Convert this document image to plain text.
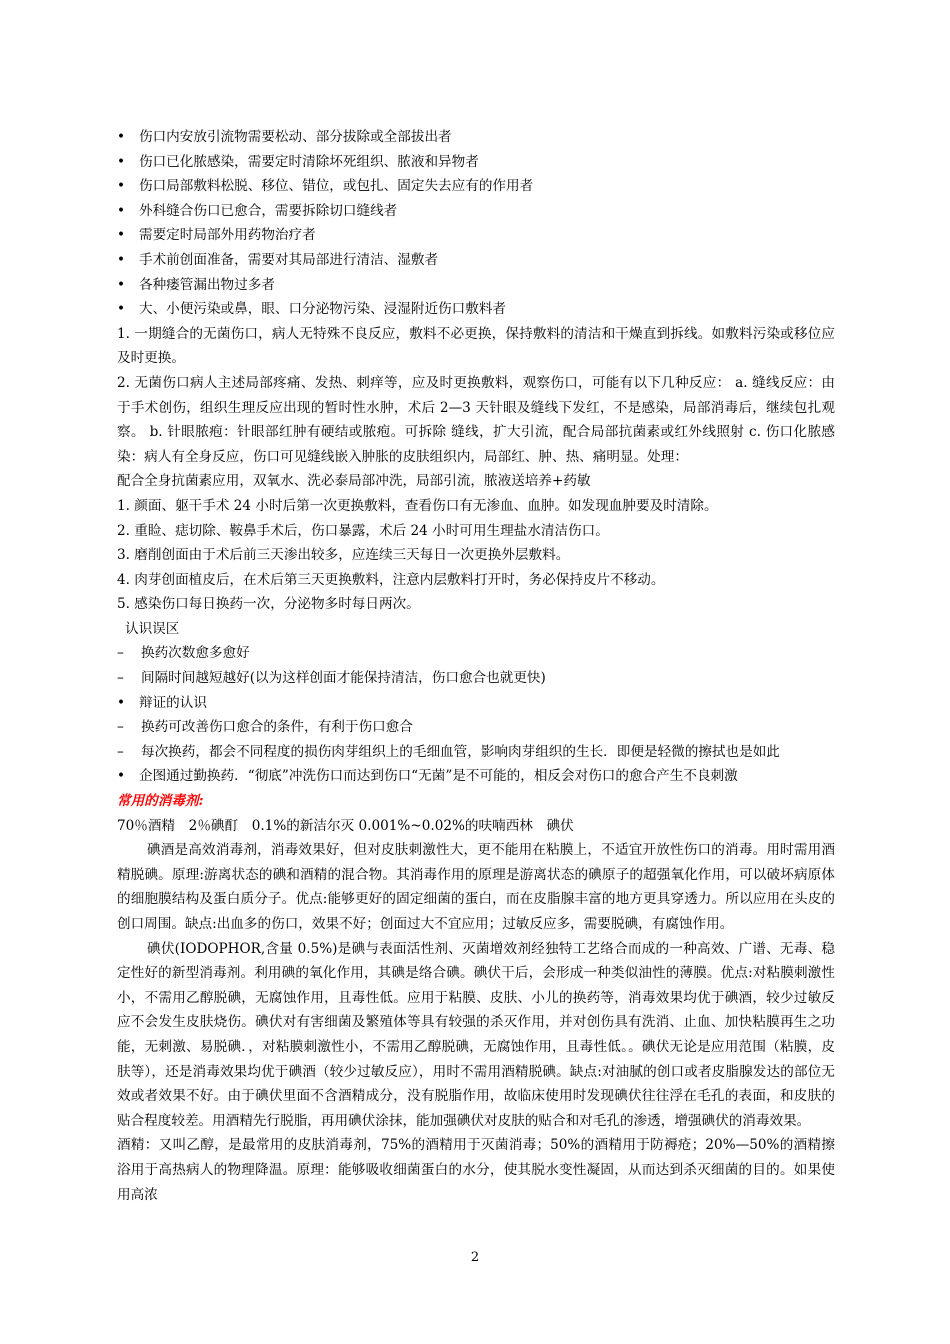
• 伤口内安放引流物需要松动、部分拔除或全部拔出者
• 伤口已化脓感染，需要定时清除坏死组织、脓液和异物者
• 伤口局部敷料松脱、移位、错位，或包扎、固定失去应有的作用者
• 外科缝合伤口已愈合，需要拆除切口缝线者
• 需要定时局部外用药物治疗者
• 手术前创面准备，需要对其局部进行清洁、湿敷者
• 各种瘘管漏出物过多者
• 大、小便污染或鼻，眼、口分泌物污染、浸湿附近伤口敷料者
1. 一期缝合的无菌伤口，病人无特殊不良反应，敷料不必更换，保持敷料的清洁和干燥直到拆线。如敷料污染或移位应及时更换。
2. 无菌伤口病人主述局部疼痛、发热、刺痒等，应及时更换敷料，观察伤口，可能有以下几种反应： a. 缝线反应：由于手术创伤，组织生理反应出现的暂时性水肿，术后 2—3 天针眼及缝线下发红，不是感染，局部消毒后，继续包扎观察。 b. 针眼脓疱：针眼部红肿有硬结或脓疱。可拆除 缝线，扩大引流，配合局部抗菌素或红外线照射 c. 伤口化脓感染：病人有全身反应，伤口可见缝线嵌入肿胀的皮肤组织内，局部红、肿、热、痛明显。处理：
配合全身抗菌素应用，双氧水、洗必泰局部冲洗，局部引流，脓液送培养+药敏
1. 颜面、躯干手术 24 小时后第一次更换敷料，查看伤口有无渗血、血肿。如发现血肿要及时清除。
2. 重睑、痣切除、鞍鼻手术后，伤口暴露，术后 24 小时可用生理盐水清洁伤口。
3. 磨削创面由于术后前三天渗出较多，应连续三天每日一次更换外层敷料。
4. 肉芽创面植皮后，在术后第三天更换敷料，注意内层敷料打开时，务必保持皮片不移动。
5. 感染伤口每日换药一次，分泌物多时每日两次。
认识误区
– 换药次数愈多愈好
– 间隔时间越短越好(以为这样创面才能保持清洁，伤口愈合也就更快)
• 辩证的认识
– 换药可改善伤口愈合的条件，有利于伤口愈合
– 每次换药，都会不同程度的损伤肉芽组织上的毛细血管，影响肉芽组织的生长．即便是轻微的擦拭也是如此
• 企图通过勤换药．“彻底”冲洗伤口而达到伤口“无菌”是不可能的，相反会对伤口的愈合产生不良刺激
常用的消毒剂:
70％酒精　2％碘酊　0.1%的新洁尔灭 0.001%~0.02%的呋喃西林　碘伏
碘酒是高效消毒剂，消毒效果好，但对皮肤刺激性大，更不能用在粘膜上，不适宜开放性伤口的消毒。用时需用酒精脱碘。原理:游离状态的碘和酒精的混合物。其消毒作用的原理是游离状态的碘原子的超强氧化作用，可以破坏病原体的细胞膜结构及蛋白质分子。优点:能够更好的固定细菌的蛋白，而在皮脂腺丰富的地方更具穿透力。所以应用在头皮的创口周围。缺点:出血多的伤口，效果不好；创面过大不宜应用；过敏反应多，需要脱碘，有腐蚀作用。
碘伏(IODOPHOR,含量 0.5%)是碘与表面活性剂、灭菌增效剂经独特工艺络合而成的一种高效、广谱、无毒、稳定性好的新型消毒剂。利用碘的氧化作用，其碘是络合碘。碘伏干后，会形成一种类似油性的薄膜。优点:对粘膜刺激性小，不需用乙醇脱碘，无腐蚀作用，且毒性低。应用于粘膜、皮肤、小儿的换药等，消毒效果均优于碘酒，较少过敏反应不会发生皮肤烧伤。碘伏对有害细菌及繁殖体等具有较强的杀灭作用，并对创伤具有洗消、止血、加快粘膜再生之功能，无刺激、易脱碘．，对粘膜刺激性小，不需用乙醇脱碘，无腐蚀作用，且毒性低。。碘伏无论是应用范围（粘膜，皮肤等），还是消毒效果均优于碘酒（较少过敏反应），用时不需用酒精脱碘。缺点:对油腻的创口或者皮脂腺发达的部位无效或者效果不好。由于碘伏里面不含酒精成分，没有脱脂作用，故临床使用时发现碘伏往往浮在毛孔的表面，和皮肤的贴合程度较差。用酒精先行脱脂，再用碘伏涂抹，能加强碘伏对皮肤的贴合和对毛孔的渗透，增强碘伏的消毒效果。
酒精：又叫乙醇，是最常用的皮肤消毒剂，75%的酒精用于灭菌消毒；50%的酒精用于防褥疮；20%—50%的酒精擦浴用于高热病人的物理降温。原理：能够吸收细菌蛋白的水分，使其脱水变性凝固，从而达到杀灭细菌的目的。如果使用高浓
2
